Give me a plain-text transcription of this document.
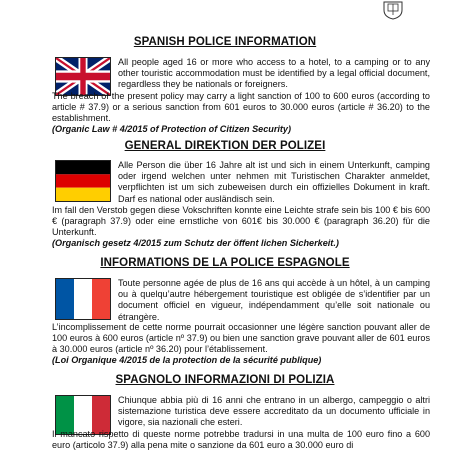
SPANISH POLICE INFORMATION

All people aged 16 or more who access to a hotel, to a camping or to any other touristic accommodation must be identified by a legal official document, regardless they be nationals or foreigners.

The breach of the present policy may carry a light sanction of 100 to 600 euros (according to article # 37.9) or a serious sanction from 601 euros to 30.000 euros (article # 36.20) to the establishment.

(Organic Law # 4/2015 of Protection of Citizen Security)

GENERAL DIREKTION DER POLIZEI

Alle Person die über 16 Jahre alt ist und sich in einem Unterkunft, camping oder irgend welchen unter nehmen mit Turistischen Charakter anmeldet, verpflichten ist um sich zubeweisen durch ein offizielles Dokument in kraft. Darf es national oder ausländisch sein.

Im fall den Verstob gegen diese Vokschriften konnte eine Leichte strafe sein bis 100 € bis 600 € (paragraph 37.9) oder eine ernstliche von 601€ bis 30.000 € (paragraph 36.20) für die Unterkunft.

(Organisch gesetz 4/2015 zum Schutz der öffent lichen Sicherkeit.)

INFORMATIONS DE LA POLICE ESPAGNOLE

Toute personne agée de plus de 16 ans qui accède à un hôtel, à un camping ou à quelqu’autre hébergement touristique est obligée de s’identifier par un document officiel en vigueur, indépendamment qu’elle soit nationale ou étrangère.

L’incomplissement de cette norme pourrait occasionner une légère sanction pouvant aller de 100 euros à 600 euros (article nº 37.9) ou bien une sanction grave pouvant aller de 601 euros à 30.000 euros (article nº 36.20) pour l’établissement.

(Loi Organique 4/2015 de la protection de la sécurité publique)

SPAGNOLO INFORMAZIONI DI POLIZIA

Chiunque abbia più di 16 anni che entrano in un albergo, campeggio o altri sistemazione turistica deve essere accreditato da un documento ufficiale in vigore, sia nazionali che esteri.

Il mancato rispetto di queste norme potrebbe tradursi in una multa de 100 euro fino a 600 euro (articolo 37.9) alla pena mite o sanzione da 601 euro a 30.000 euro di
